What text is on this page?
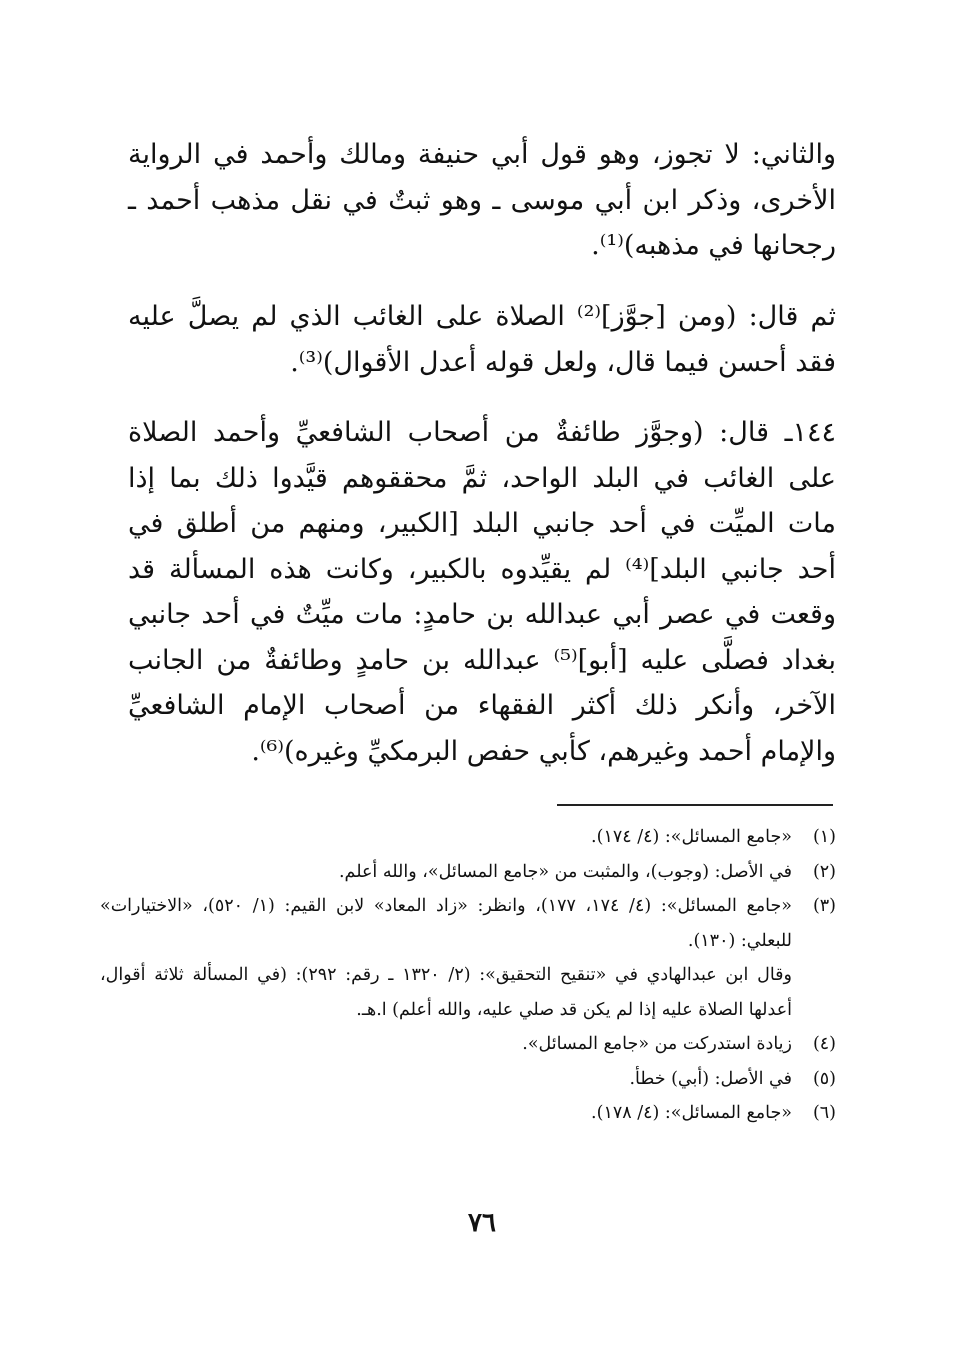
والثاني: لا تجوز، وهو قول أبي حنيفة ومالك وأحمد في الرواية الأخرى، وذكر ابن أبي موسى ـ وهو ثبتٌ في نقل مذهب أحمد ـ رجحانها في مذهبه)⁽¹⁾.

ثم قال: (ومن [جوَّز]⁽²⁾ الصلاة على الغائب الذي لم يصلَّ عليه فقد أحسن فيما قال، ولعل قوله أعدل الأقوال)⁽³⁾.

١٤٤ـ قال: (وجوَّز طائفةٌ من أصحاب الشافعيِّ وأحمد الصلاة على الغائب في البلد الواحد، ثمَّ محققوهم قيَّدوا ذلك بما إذا مات الميِّت في أحد جانبي البلد [الكبير، ومنهم من أطلق في أحد جانبي البلد]⁽⁴⁾ لم يقيِّدوه بالكبير، وكانت هذه المسألة قد وقعت في عصر أبي عبدالله بن حامدٍ: مات ميِّتٌ في أحد جانبي بغداد فصلَّى عليه [أبو]⁽⁵⁾ عبدالله بن حامدٍ وطائفةٌ من الجانب الآخر، وأنكر ذلك أكثر الفقهاء من أصحاب الإمام الشافعيِّ والإمام أحمد وغيرهم، كأبي حفص البرمكيِّ وغيره)⁽⁶⁾.

(١)
«جامع المسائل»: (٤/ ١٧٤).
(٢)
في الأصل: (وجوب)، والمثبت من «جامع المسائل»، والله أعلم.
(٣)
«جامع المسائل»: (٤/ ١٧٤، ١٧٧)، وانظر: «زاد المعاد» لابن القيم: (١/ ٥٢٠)، «الاختيارات» للبعلي: (١٣٠).
وقال ابن عبدالهادي في «تنقيح التحقيق»: (٢/ ١٣٢٠ ـ رقم: ٢٩٢): (في المسألة ثلاثة أقوال، أعدلها الصلاة عليه إذا لم يكن قد صلي عليه، والله أعلم) ا.هـ.
(٤)
زيادة استدركت من «جامع المسائل».
(٥)
في الأصل: (أبي) خطأ.
(٦)
«جامع المسائل»: (٤/ ١٧٨).
٧٦
